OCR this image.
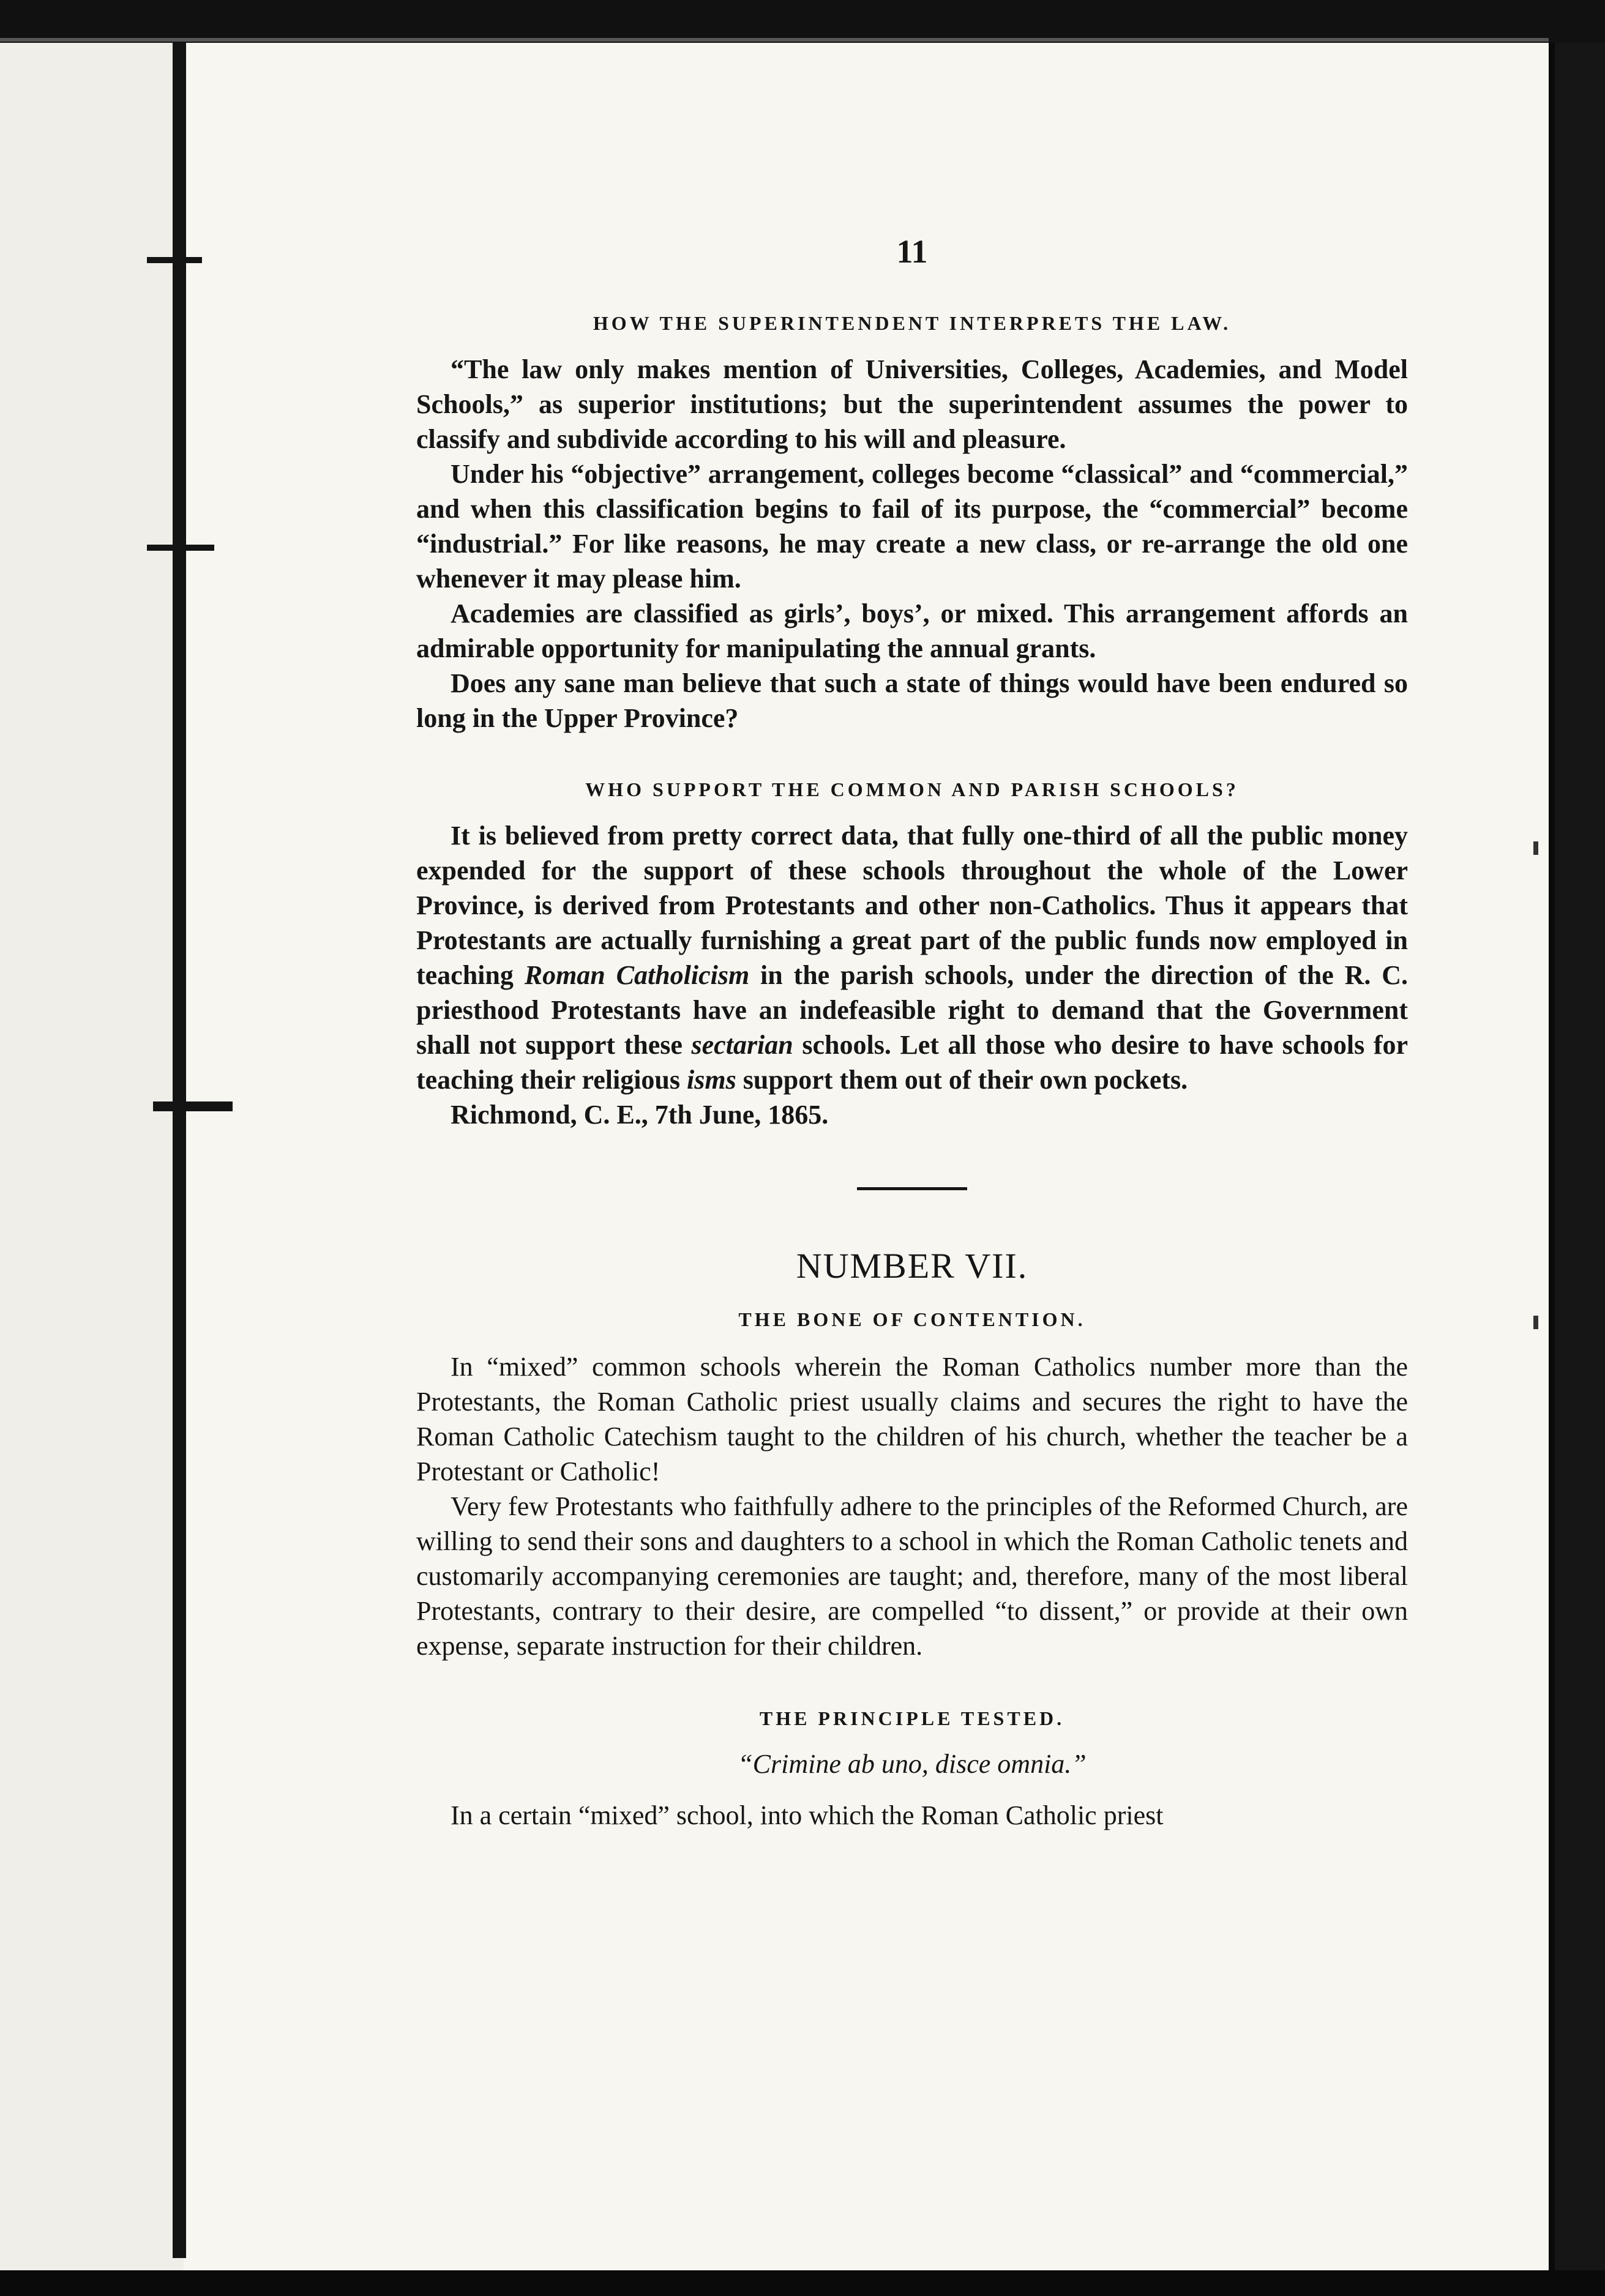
11

HOW THE SUPERINTENDENT INTERPRETS THE LAW.

“The law only makes mention of Universities, Colleges, Academies, and Model Schools,” as superior institutions; but the superintendent assumes the power to classify and subdivide according to his will and pleasure.

Under his “objective” arrangement, colleges become “classical” and “commercial,” and when this classification begins to fail of its purpose, the “commercial” become “industrial.” For like reasons, he may create a new class, or re-arrange the old one whenever it may please him.

Academies are classified as girls’, boys’, or mixed. This arrangement affords an admirable opportunity for manipulating the annual grants.

Does any sane man believe that such a state of things would have been endured so long in the Upper Province?

WHO SUPPORT THE COMMON AND PARISH SCHOOLS?

It is believed from pretty correct data, that fully one-third of all the public money expended for the support of these schools throughout the whole of the Lower Province, is derived from Protestants and other non-Catholics. Thus it appears that Protestants are actually furnishing a great part of the public funds now employed in teaching Roman Catholicism in the parish schools, under the direction of the R. C. priesthood Protestants have an indefeasible right to demand that the Government shall not support these sectarian schools. Let all those who desire to have schools for teaching their religious isms support them out of their own pockets.

Richmond, C. E., 7th June, 1865.

NUMBER VII.

THE BONE OF CONTENTION.

In “mixed” common schools wherein the Roman Catholics number more than the Protestants, the Roman Catholic priest usually claims and secures the right to have the Roman Catholic Catechism taught to the children of his church, whether the teacher be a Protestant or Catholic!

Very few Protestants who faithfully adhere to the principles of the Reformed Church, are willing to send their sons and daughters to a school in which the Roman Catholic tenets and customarily accompanying ceremonies are taught; and, therefore, many of the most liberal Protestants, contrary to their desire, are compelled “to dissent,” or provide at their own expense, separate instruction for their children.

THE PRINCIPLE TESTED.

“Crimine ab uno, disce omnia.”

In a certain “mixed” school, into which the Roman Catholic priest
